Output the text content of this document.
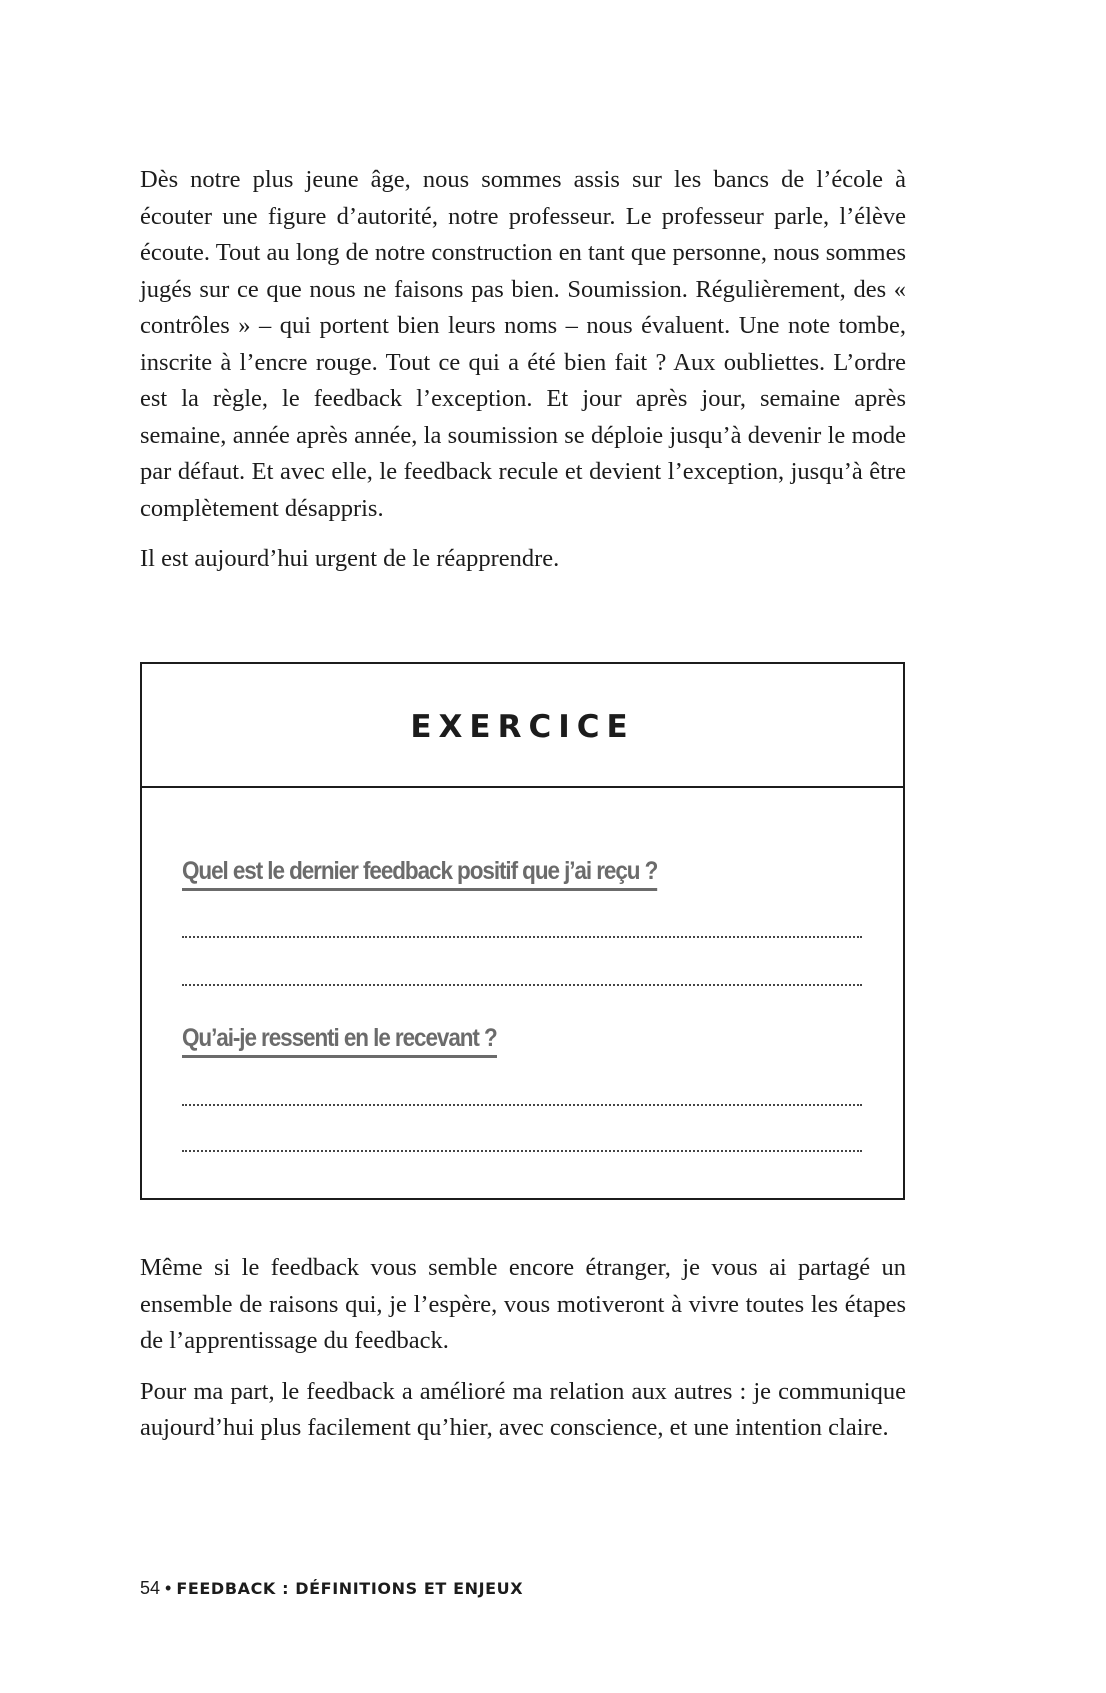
Dès notre plus jeune âge, nous sommes assis sur les bancs de l’école à écouter une figure d’autorité, notre professeur. Le professeur parle, l’élève écoute. Tout au long de notre construction en tant que personne, nous sommes jugés sur ce que nous ne faisons pas bien. Soumission. Régulièrement, des « contrôles » – qui portent bien leurs noms – nous évaluent. Une note tombe, inscrite à l’encre rouge. Tout ce qui a été bien fait ? Aux oubliettes. L’ordre est la règle, le feedback l’exception. Et jour après jour, semaine après semaine, année après année, la soumission se déploie jusqu’à devenir le mode par défaut. Et avec elle, le feedback recule et devient l’exception, jusqu’à être complètement désappris.

Il est aujourd’hui urgent de le réapprendre.

EXERCICE
Quel est le dernier feedback positif que j’ai reçu ?
Qu’ai-je ressenti en le recevant ?

Même si le feedback vous semble encore étranger, je vous ai partagé un ensemble de raisons qui, je l’espère, vous motiveront à vivre toutes les étapes de l’apprentissage du feedback.

Pour ma part, le feedback a amélioré ma relation aux autres : je communique aujourd’hui plus facilement qu’hier, avec conscience, et une intention claire.

54 • FEEDBACK : DÉFINITIONS ET ENJEUX
